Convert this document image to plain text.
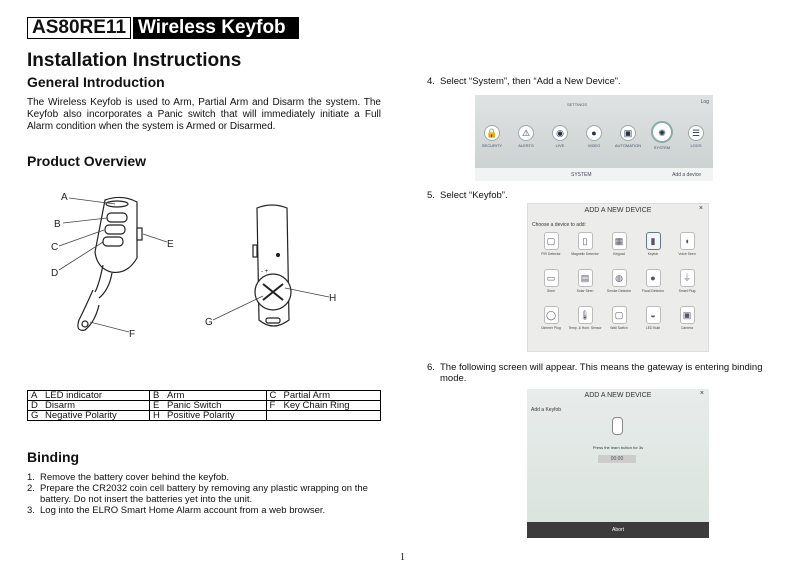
AS80RE11 Wireless Keyfob
Installation Instructions
General Introduction
The Wireless Keyfob is used to Arm, Partial Arm and Disarm the system. The Keyfob also incorporates a Panic switch that will immediately initiate a Full Alarm condition when the system is Armed or Disarmed.
Product Overview
- +
A
B
C
D
E
F
G
H
A LED indicator	B Arm	C Partial Arm
D Disarm	E Panic Switch	F Key Chain Ring
G Negative Polarity	H Positive Polarity	
Binding
1. Remove the battery cover behind the keyfob.
2. Prepare the CR2032 coin cell battery by removing any plastic wrapping on the battery. Do not insert the batteries yet into the unit.
3. Log into the ELRO Smart Home Alarm account from a web browser.
4. Select “System”, then “Add a New Device”.
5. Select “Keyfob”.
6. The following screen will appear. This means the gateway is entering binding mode.
SETTINGS	Log
🔒
SECURITY
⚠
ALERTS
◉
LIVE
●
VIDEO
▣
AUTOMATION
✺
SYSTEM
☰
LOGS
SYSTEM	Add a device
ADD A NEW DEVICE	×
Choose a device to add:
▢
PIR Detector
▯
Magnetic Detector
▦
Keypad
▮
Keyfob
◖
Voice Siren
▭
Siren
▤
Solar Siren
◍
Smoke Detector
●
Flood Detector
⏚
Smart Plug
◯
Dimmer Plug
🌡
Temp. & Hum. Sensor
▢
Wall Switch
◒
LED Bulb
▣
Camera
ADD A NEW DEVICE	×
Add a Keyfob
Press the learn button for 3s
00:00
Abort
1
